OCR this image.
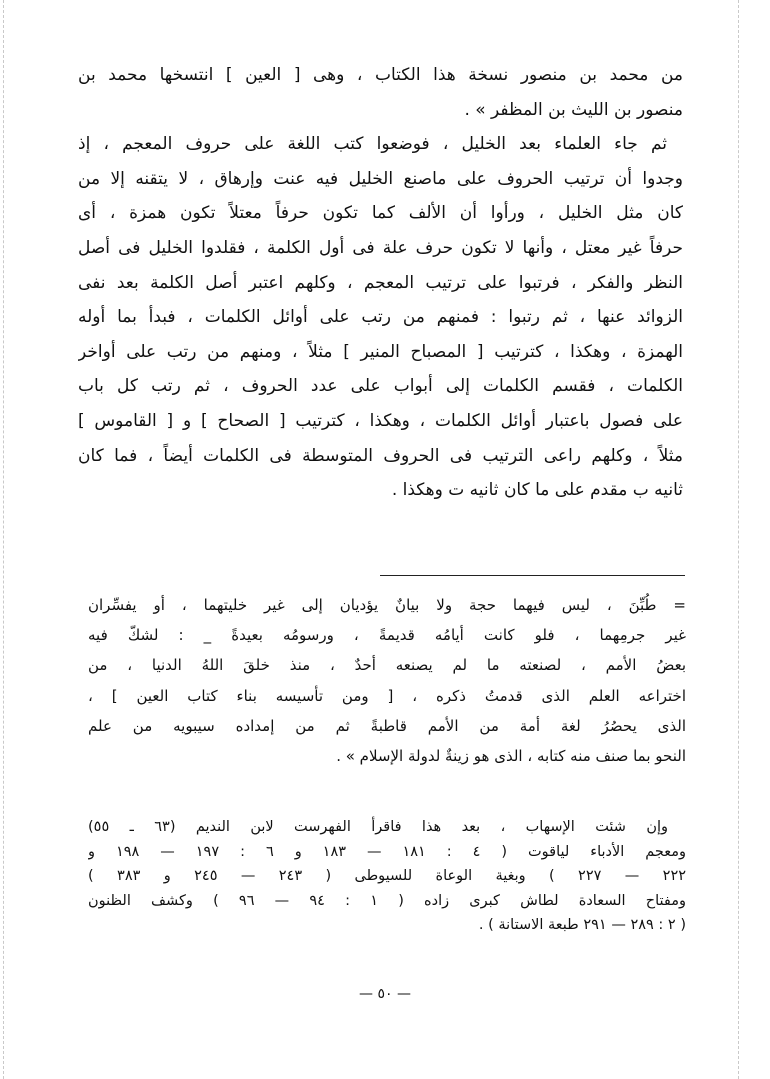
من محمد بن منصور نسخة هذا الكتاب ، وهى [ العين ] انتسخها محمد بن
منصور بن الليث بن المظفر » .
ثم جاء العلماء بعد الخليل ، فوضعوا كتب اللغة على حروف المعجم ، إذ
وجدوا أن ترتيب الحروف على ماصنع الخليل فيه عنت وإرهاق ، لا يتقنه إلا من
كان مثل الخليل ، ورأوا أن الألف كما تكون حرفاً معتلاً تكون همزة ، أى
حرفاً غير معتل ، وأنها لا تكون حرف علة فى أول الكلمة ، فقلدوا الخليل فى أصل
النظر والفكر ، فرتبوا على ترتيب المعجم ، وكلهم اعتبر أصل الكلمة بعد نفى
الزوائد عنها ، ثم رتبوا : فمنهم من رتب على أوائل الكلمات ، فبدأ بما أوله
الهمزة ، وهكذا ، كترتيب [ المصباح المنير ] مثلاً ، ومنهم من رتب على أواخر
الكلمات ، فقسم الكلمات إلى أبواب على عدد الحروف ، ثم رتب كل باب
على فصول باعتبار أوائل الكلمات ، وهكذا ، كترتيب [ الصحاح ] و [ القاموس ]
مثلاً ، وكلهم راعى الترتيب فى الحروف المتوسطة فى الكلمات أيضاً ، فما كان
ثانيه ب مقدم على ما كان ثانيه ت وهكذا .
= طُبِّنَ ، ليس فيهما حجة ولا بيانٌ يؤديان إلى غير خليتهما ، أو يفسِّران
غير جرمِهما ، فلو كانت أيامُه قديمةً ، ورسومُه بعيدةً _ : لشكّ فيه
بعضُ الأمم ، لصنعته ما لم يصنعه أحدٌ ، منذ خلقَ اللهُ الدنيا ، من
اختراعه العلم الذى قدمتُ ذكره ، [ ومن تأسيسه بناء كتاب العين ] ،
الذى يحصُرُ لغة أمة من الأمم قاطبةً ثم من إمداده سيبويه من علم
النحو بما صنف منه كتابه ، الذى هو زينةٌ لدولة الإسلام » .
وإن شئت الإسهاب ، بعد هذا فاقرأ الفهرست لابن النديم (٦٣ ـ ٥٥)
ومعجم الأدباء لياقوت ( ٤ : ١٨١ — ١٨٣ و ٦ : ١٩٧ — ١٩٨ و
٢٢٢ — ٢٢٧ ) وبغية الوعاة للسيوطى ( ٢٤٣ — ٢٤٥ و ٣٨٣ )
ومفتاح السعادة لطاش كبرى زاده ( ١ : ٩٤ — ٩٦ ) وكشف الظنون
( ٢ : ٢٨٩ — ٢٩١ طبعة الاستانة ) .
— ٥٠ —
